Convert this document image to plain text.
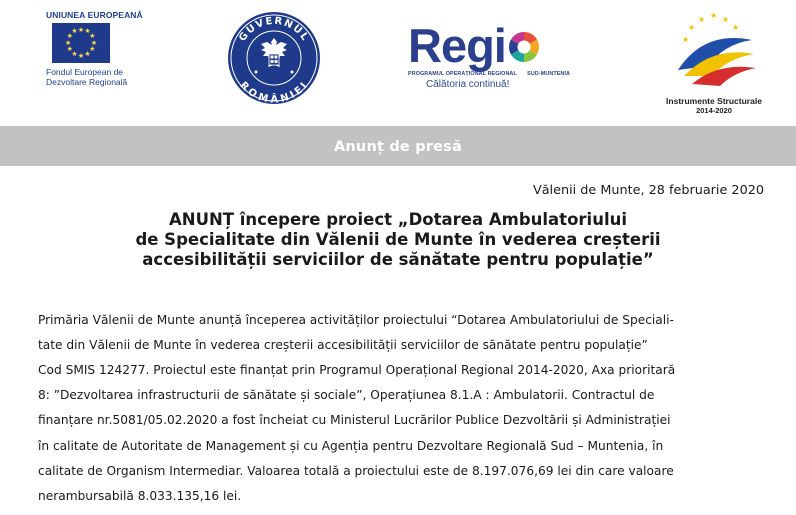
UNIUNEA EUROPEANĂ
★ ★
★
★
★
★
★
★
★
★
★
★
Fondul European de
Dezvoltare Regională
GUVERNUL
ROMÂNIEI
Regi
PROGRAMUL OPERAȚIONAL REGIONAL SUD-MUNTENIA
Călătoria continuă!
★ ★ ★
★	★
★
Instrumente Structurale
2014-2020
Anunț de presă
Vălenii de Munte, 28 februarie 2020
ANUNȚ începere proiect „Dotarea Ambulatoriului
de Specialitate din Vălenii de Munte în vederea creșterii
accesibilității serviciilor de sănătate pentru populație”

Primăria Vălenii de Munte anunță începerea activităților proiectului “Dotarea Ambulatoriului de Speciali-

tate din Vălenii de Munte în vederea creșterii accesibilității serviciilor de sănătate pentru populație”

Cod SMIS 124277. Proiectul este finanțat prin Programul Operațional Regional 2014-2020, Axa prioritară

8: ”Dezvoltarea infrastructurii de sănătate și sociale”, Operațiunea 8.1.A : Ambulatorii. Contractul de

finanțare nr.5081/05.02.2020 a fost încheiat cu Ministerul Lucrărilor Publice Dezvoltării și Administrației

în calitate de Autoritate de Management și cu Agenția pentru Dezvoltare Regională Sud – Muntenia, în

calitate de Organism Intermediar. Valoarea totală a proiectului este de 8.197.076,69 lei din care valoare

nerambursabilă 8.033.135,16 lei.
